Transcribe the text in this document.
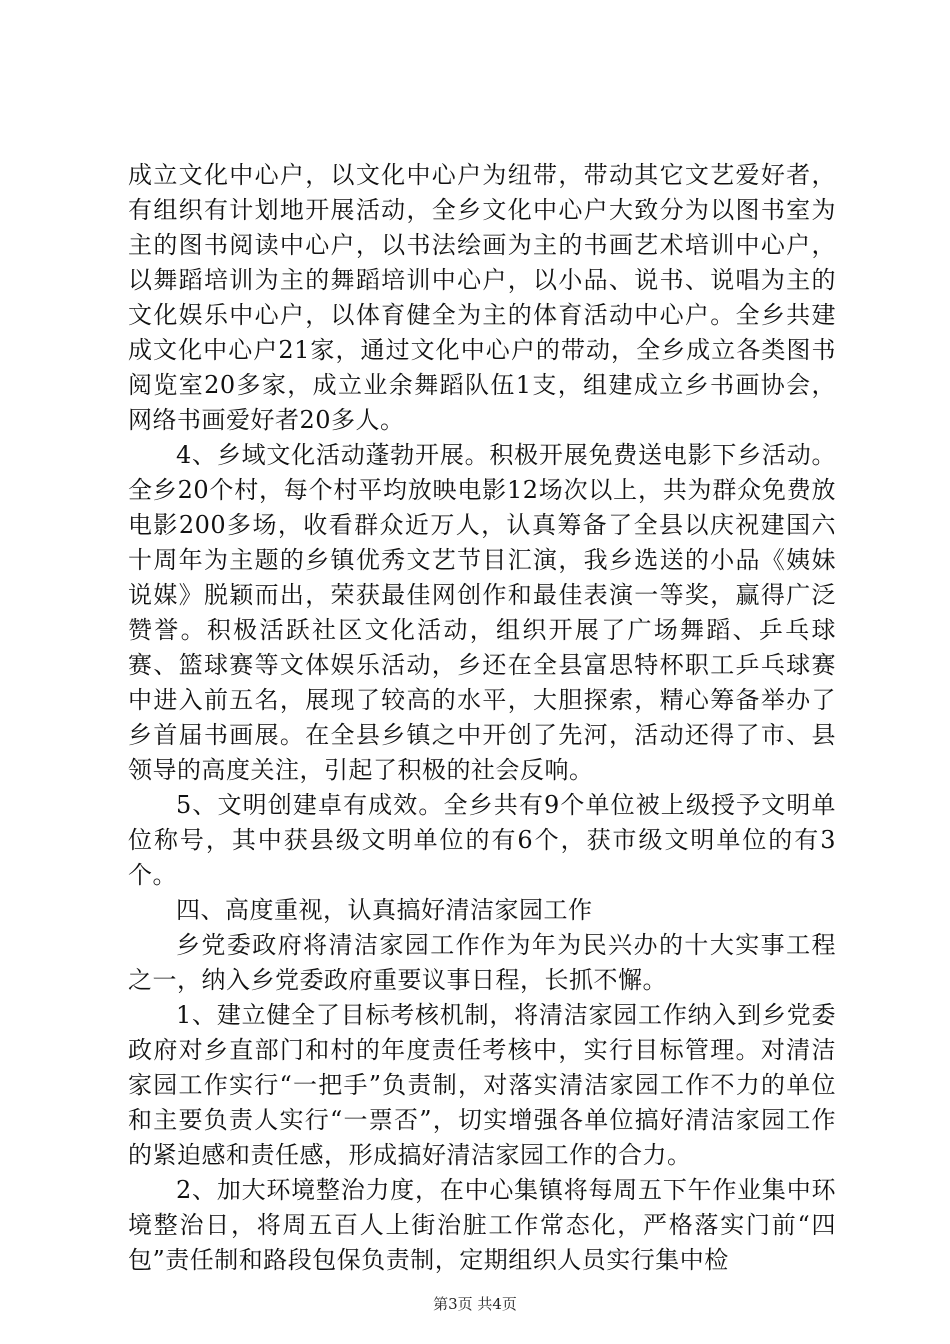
成立文化中心户，以文化中心户为纽带，带动其它文艺爱好者，有组织有计划地开展活动，全乡文化中心户大致分为以图书室为主的图书阅读中心户，以书法绘画为主的书画艺术培训中心户，以舞蹈培训为主的舞蹈培训中心户，以小品、说书、说唱为主的文化娱乐中心户，以体育健全为主的体育活动中心户。全乡共建成文化中心户21家，通过文化中心户的带动，全乡成立各类图书阅览室20多家，成立业余舞蹈队伍1支，组建成立乡书画协会，网络书画爱好者20多人。

4、乡域文化活动蓬勃开展。积极开展免费送电影下乡活动。全乡20个村，每个村平均放映电影12场次以上，共为群众免费放电影200多场，收看群众近万人，认真筹备了全县以庆祝建国六十周年为主题的乡镇优秀文艺节目汇演，我乡选送的小品《姨妹说媒》脱颖而出，荣获最佳网创作和最佳表演一等奖，赢得广泛赞誉。积极活跃社区文化活动，组织开展了广场舞蹈、乒乓球赛、篮球赛等文体娱乐活动，乡还在全县富思特杯职工乒乓球赛中进入前五名，展现了较高的水平，大胆探索，精心筹备举办了乡首届书画展。在全县乡镇之中开创了先河，活动还得了市、县领导的高度关注，引起了积极的社会反响。

5、文明创建卓有成效。全乡共有9个单位被上级授予文明单位称号，其中获县级文明单位的有6个，获市级文明单位的有3个。

四、高度重视，认真搞好清洁家园工作

乡党委政府将清洁家园工作作为年为民兴办的十大实事工程之一，纳入乡党委政府重要议事日程，长抓不懈。

1、建立健全了目标考核机制，将清洁家园工作纳入到乡党委政府对乡直部门和村的年度责任考核中，实行目标管理。对清洁家园工作实行“一把手”负责制，对落实清洁家园工作不力的单位和主要负责人实行“一票否”，切实增强各单位搞好清洁家园工作的紧迫感和责任感，形成搞好清洁家园工作的合力。

2、加大环境整治力度，在中心集镇将每周五下午作业集中环境整治日，将周五百人上街治脏工作常态化，严格落实门前“四包”责任制和路段包保负责制，定期组织人员实行集中检

第3页 共4页
